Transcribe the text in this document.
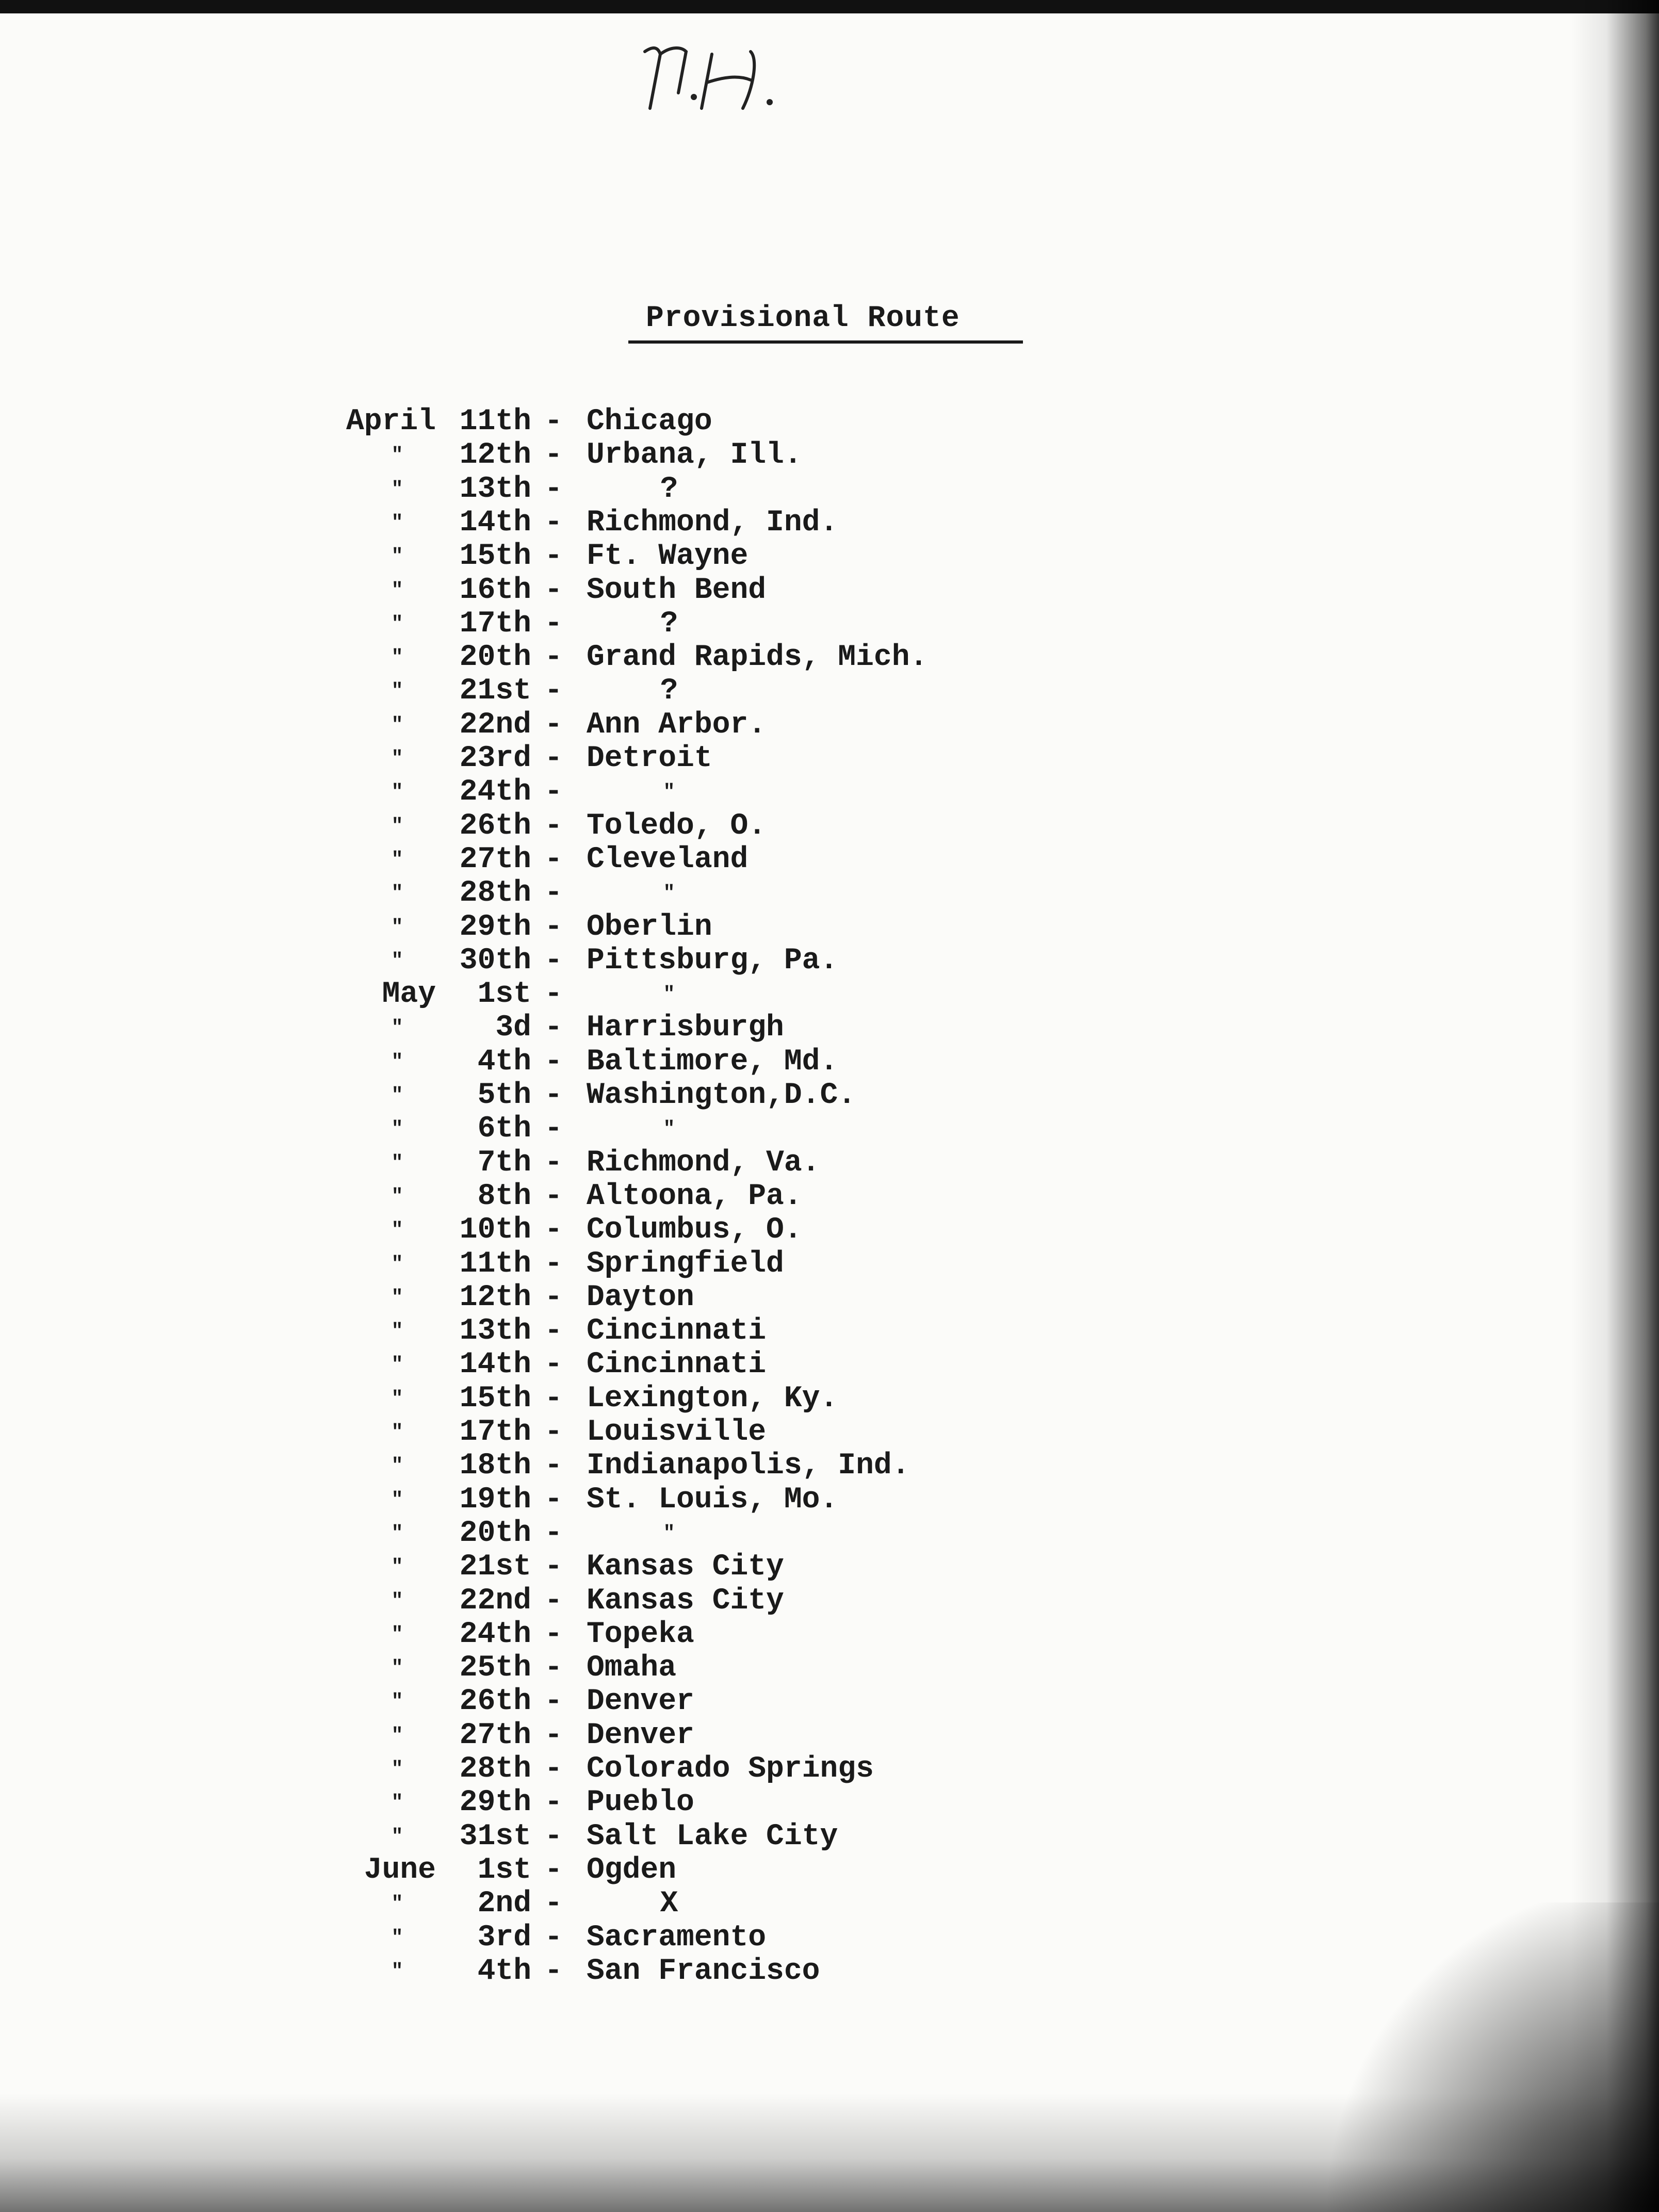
Provisional Route
April 11th - Chicago
"	12th - Urbana, Ill.
"	13th -	?
"	14th - Richmond, Ind.
"	15th - Ft. Wayne
"	16th - South Bend
"	17th -	?
"	20th - Grand Rapids, Mich.
"	21st -	?
"	22nd - Ann Arbor.
"	23rd - Detroit
"	24th -	"
"	26th - Toledo, O.
"	27th - Cleveland
"	28th -	"
"	29th - Oberlin
"	30th - Pittsburg, Pa.
May	1st -	"
"	3d - Harrisburgh
"	4th - Baltimore, Md.
"	5th - Washington,D.C.
"	6th -	"
"	7th - Richmond, Va.
"	8th - Altoona, Pa.
"	10th - Columbus, O.
"	11th - Springfield
"	12th - Dayton
"	13th - Cincinnati
"	14th - Cincinnati
"	15th - Lexington, Ky.
"	17th - Louisville
"	18th - Indianapolis, Ind.
"	19th - St. Louis, Mo.
"	20th -	"
"	21st - Kansas City
"	22nd - Kansas City
"	24th - Topeka
"	25th - Omaha
"	26th - Denver
"	27th - Denver
"	28th - Colorado Springs
"	29th - Pueblo
"	31st - Salt Lake City
June	1st - Ogden
"	2nd -	X
"	3rd - Sacramento
"	4th - San Francisco
